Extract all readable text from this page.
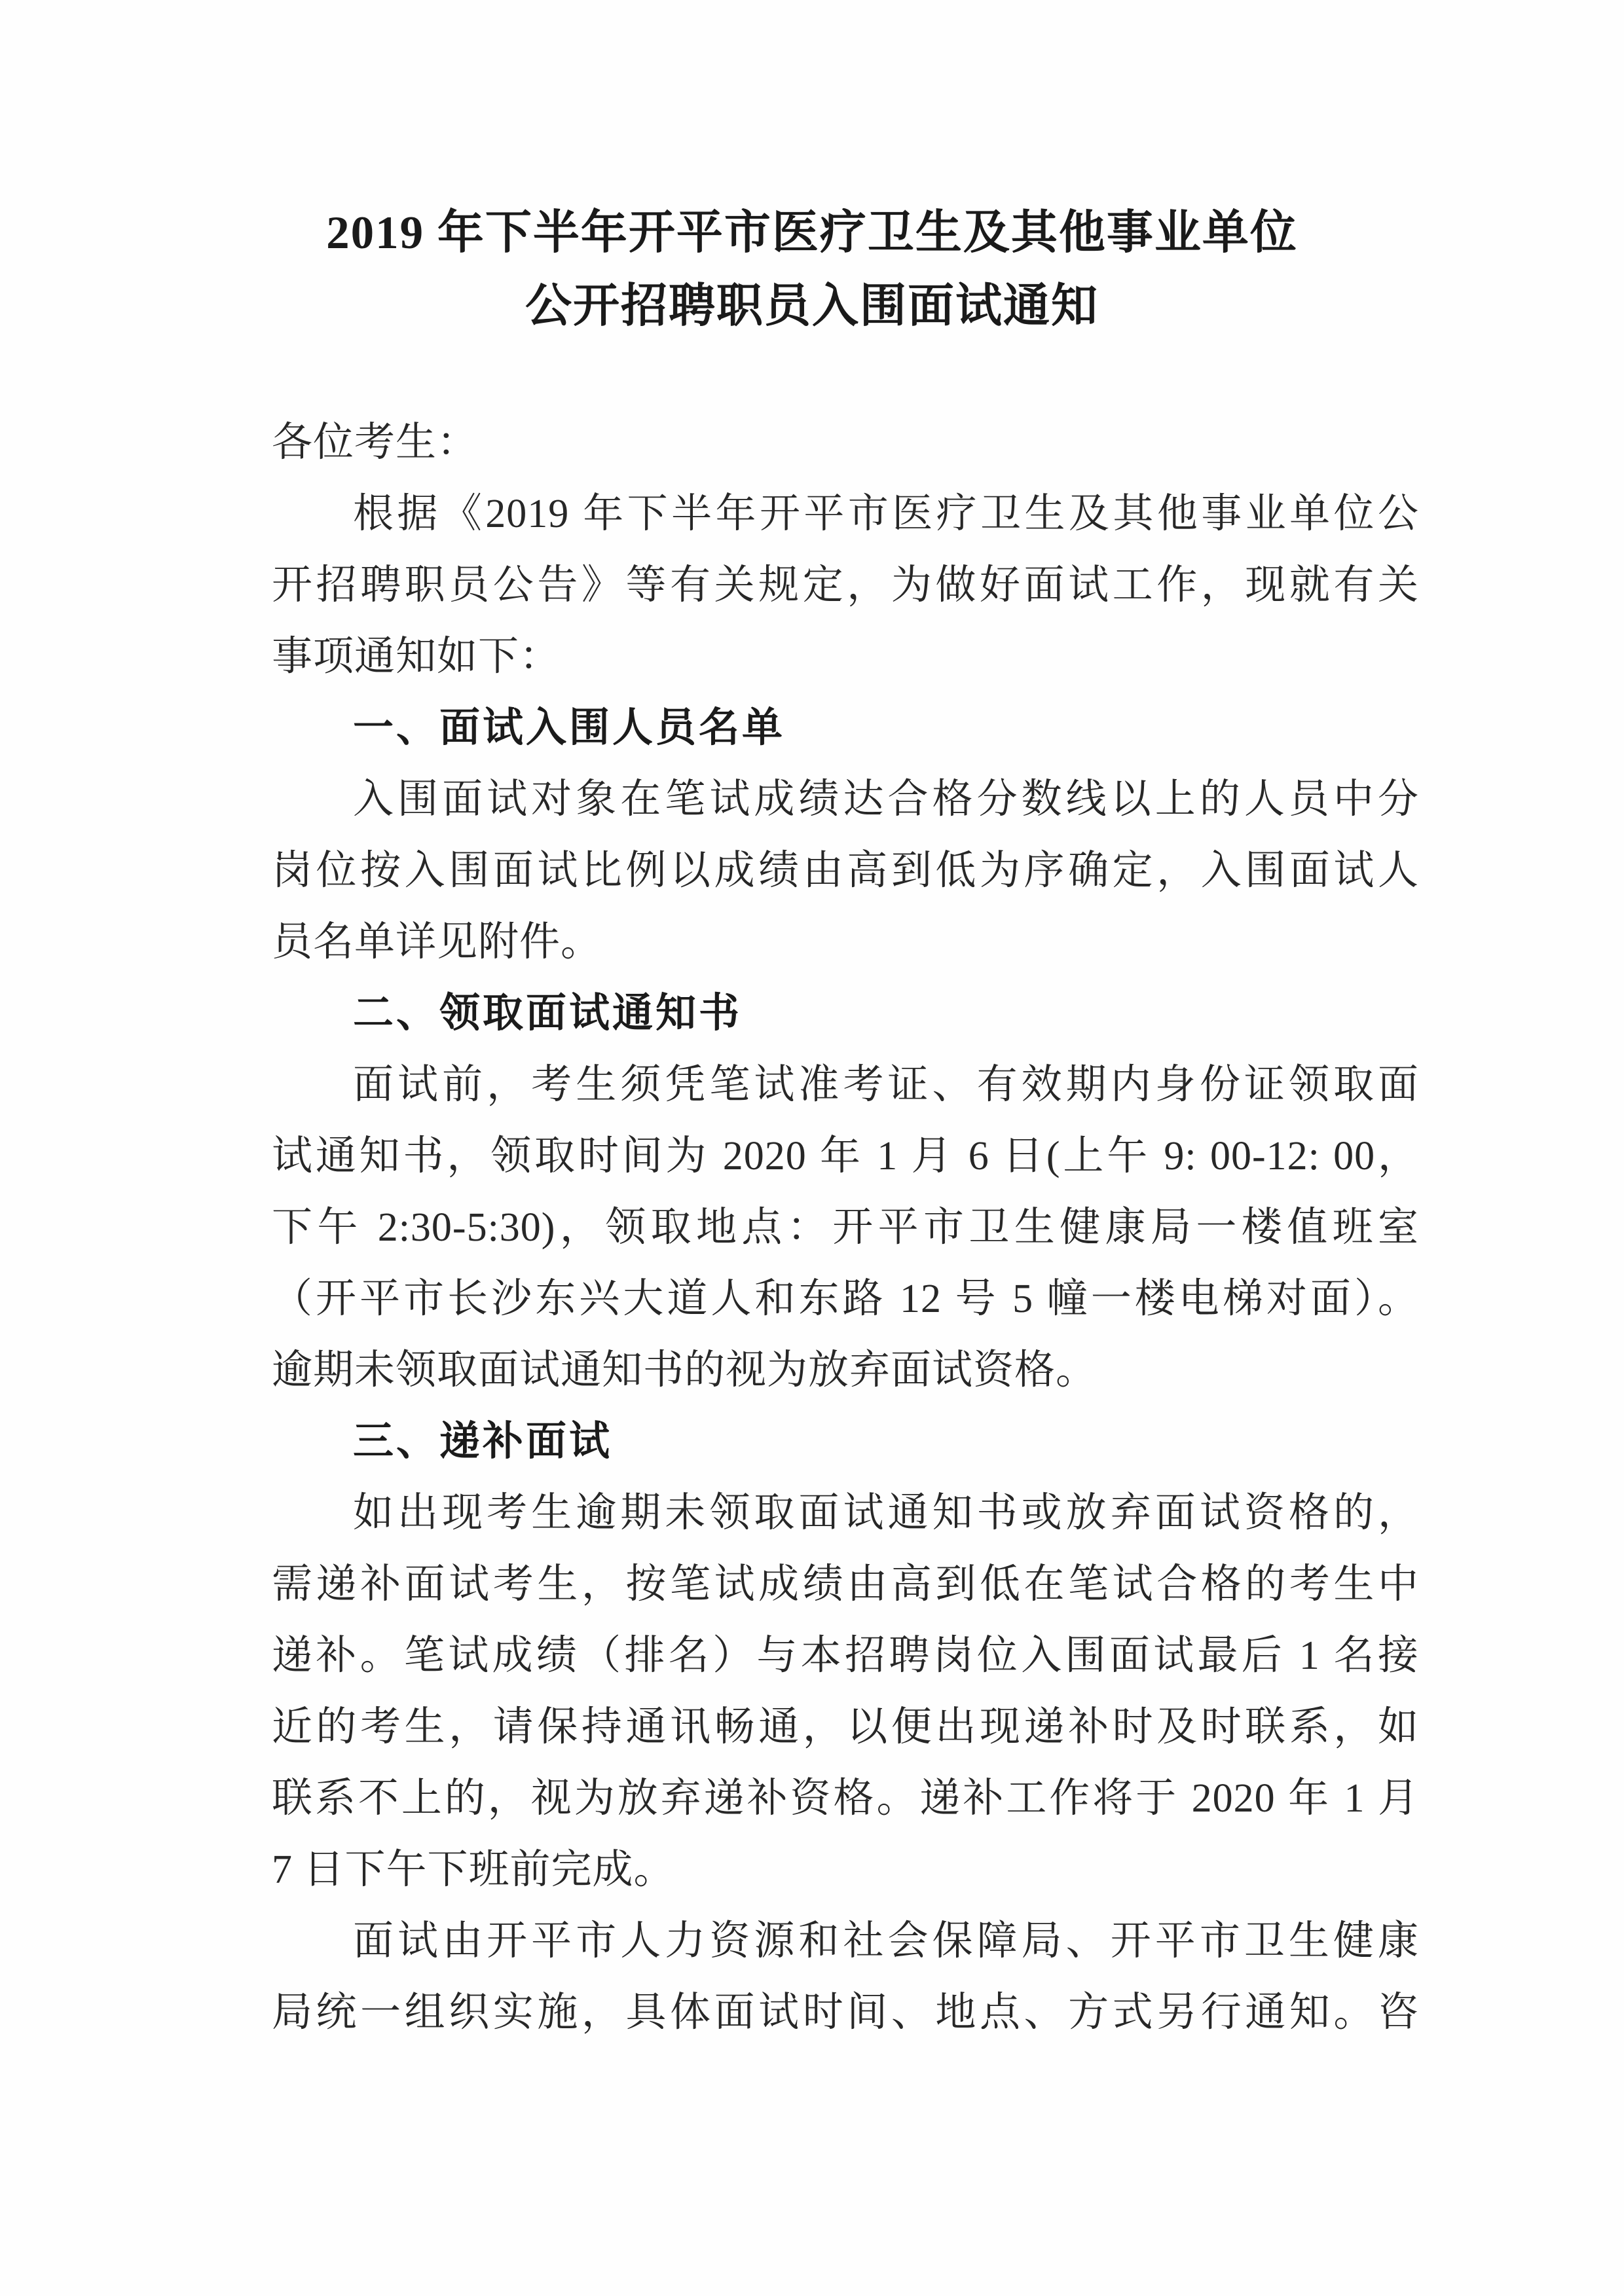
2019 年下半年开平市医疗卫生及其他事业单位
公开招聘职员入围面试通知
各位考生：
根据《2019 年下半年开平市医疗卫生及其他事业单位公
开招聘职员公告》等有关规定，为做好面试工作，现就有关
事项通知如下：
一、面试入围人员名单
入围面试对象在笔试成绩达合格分数线以上的人员中分
岗位按入围面试比例以成绩由高到低为序确定，入围面试人
员名单详见附件。
二、领取面试通知书
面试前，考生须凭笔试准考证、有效期内身份证领取面
试通知书，领取时间为 2020 年 1 月 6 日(上午 9: 00-12: 00，
下午 2:30-5:30)，领取地点：开平市卫生健康局一楼值班室
（开平市长沙东兴大道人和东路 12 号 5 幢一楼电梯对面）。
逾期未领取面试通知书的视为放弃面试资格。
三、递补面试
如出现考生逾期未领取面试通知书或放弃面试资格的，
需递补面试考生，按笔试成绩由高到低在笔试合格的考生中
递补。笔试成绩（排名）与本招聘岗位入围面试最后 1 名接
近的考生，请保持通讯畅通，以便出现递补时及时联系，如
联系不上的，视为放弃递补资格。递补工作将于 2020 年 1 月
7 日下午下班前完成。
面试由开平市人力资源和社会保障局、开平市卫生健康
局统一组织实施，具体面试时间、地点、方式另行通知。咨
